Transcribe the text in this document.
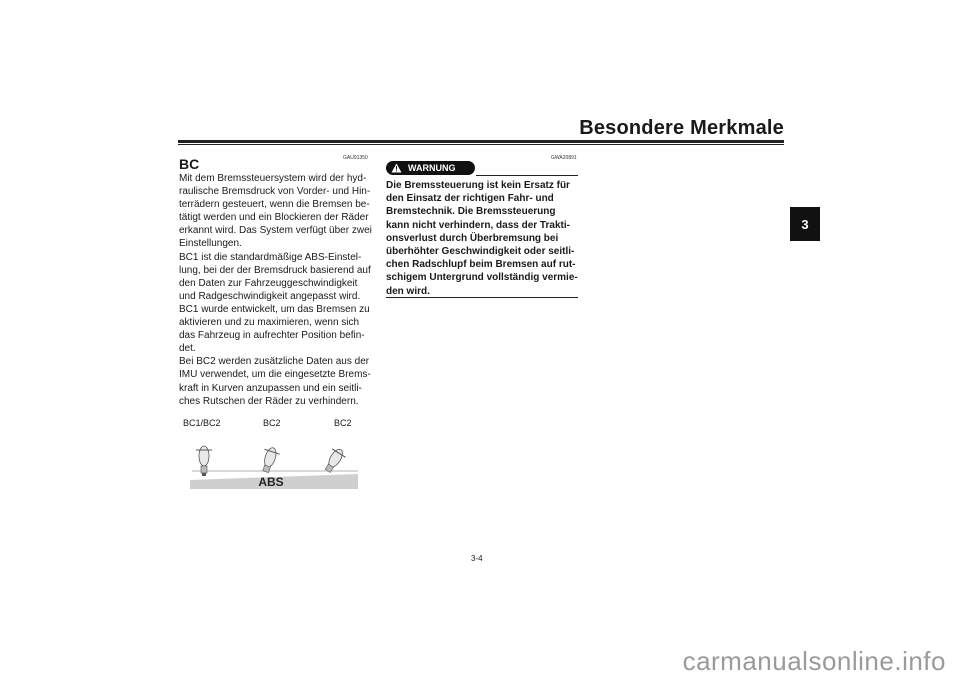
Besondere Merkmale
3
GAU91350
BC
Mit dem Bremssteuersystem wird der hyd-
raulische Bremsdruck von Vorder- und Hin-
terrädern gesteuert, wenn die Bremsen be-
tätigt werden und ein Blockieren der Räder
erkannt wird. Das System verfügt über zwei
Einstellungen.
BC1 ist die standardmäßige ABS-Einstel-
lung, bei der der Bremsdruck basierend auf
den Daten zur Fahrzeuggeschwindigkeit
und Radgeschwindigkeit angepasst wird.
BC1 wurde entwickelt, um das Bremsen zu
aktivieren und zu maximieren, wenn sich
das Fahrzeug in aufrechter Position befin-
det.
Bei BC2 werden zusätzliche Daten aus der
IMU verwendet, um die eingesetzte Brems-
kraft in Kurven anzupassen und ein seitli-
ches Rutschen der Räder zu verhindern.
BC1/BC2	BC2	BC2
ABS
GWA20891
WARNUNG
Die Bremssteuerung ist kein Ersatz für
den Einsatz der richtigen Fahr- und
Bremstechnik. Die Bremssteuerung
kann nicht verhindern, dass der Trakti-
onsverlust durch Überbremsung bei
überhöhter Geschwindigkeit oder seitli-
chen Radschlupf beim Bremsen auf rut-
schigem Untergrund vollständig vermie-
den wird.
3-4
carmanualsonline.info
